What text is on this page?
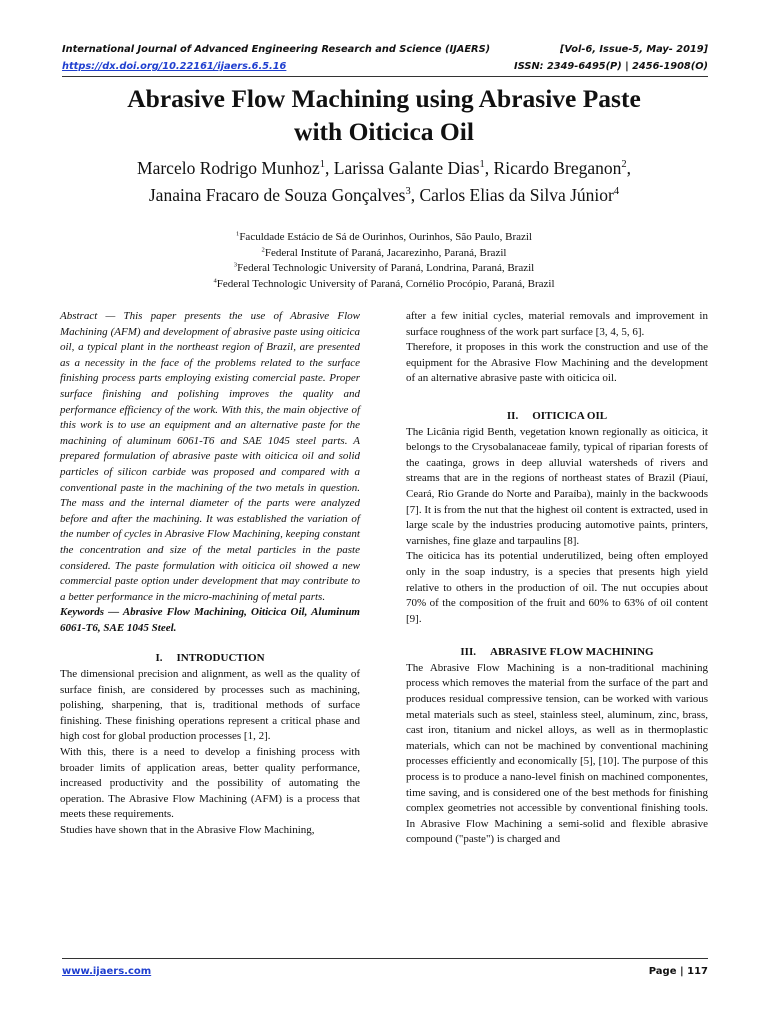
International Journal of Advanced Engineering Research and Science (IJAERS)	[Vol-6, Issue-5, May- 2019]
https://dx.doi.org/10.22161/ijaers.6.5.16	ISSN: 2349-6495(P) | 2456-1908(O)
Abrasive Flow Machining using Abrasive Paste
with Oiticica Oil
Marcelo Rodrigo Munhoz$^1$, Larissa Galante Dias$^1$, Ricardo Breganon$^2$,
Janaina Fracaro de Souza Gonçalves$^3$, Carlos Elias da Silva Júnior$^4$
$^1$Faculdade Estácio de Sá de Ourinhos, Ourinhos, São Paulo, Brazil
$^2$Federal Institute of Paraná, Jacarezinho, Paraná, Brazil
$^3$Federal Technologic University of Paraná, Londrina, Paraná, Brazil
$^4$Federal Technologic University of Paraná, Cornélio Procópio, Paraná, Brazil

Abstract — This paper presents the use of Abrasive Flow Machining (AFM) and development of abrasive paste using oiticica oil, a typical plant in the northeast region of Brazil, are presented as a necessity in the face of the problems related to the surface finishing process parts employing existing comercial paste. Proper surface finishing and polishing improves the quality and performance efficiency of the work. With this, the main objective of this work is to use an equipment and an alternative paste for the machining of aluminum 6061-T6 and SAE 1045 steel parts. A prepared formulation of abrasive paste with oiticica oil and solid particles of silicon carbide was proposed and compared with a conventional paste in the machining of the two metals in question. The mass and the internal diameter of the parts were analyzed before and after the machining. It was established the variation of the number of cycles in Abrasive Flow Machining, keeping constant the concentration and size of the metal particles in the paste considered. The paste formulation with oiticica oil showed a new commercial paste option under development that may contribute to a better performance in the micro-machining of metal parts.

Keywords — Abrasive Flow Machining, Oiticica Oil, Aluminum 6061-T6, SAE 1045 Steel.

I. INTRODUCTION

The dimensional precision and alignment, as well as the quality of surface finish, are considered by processes such as machining, polishing, sharpening, that is, traditional methods of surface finishing. These finishing operations represent a critical phase and high cost for global production processes [1, 2].

With this, there is a need to develop a finishing process with broader limits of application areas, better quality performance, increased productivity and the possibility of automating the operation. The Abrasive Flow Machining (AFM) is a process that meets these requirements.

Studies have shown that in the Abrasive Flow Machining,

after a few initial cycles, material removals and improvement in surface roughness of the work part surface [3, 4, 5, 6].

Therefore, it proposes in this work the construction and use of the equipment for the Abrasive Flow Machining and the development of an alternative abrasive paste with oiticica oil.

II. OITICICA OIL

The Licânia rigid Benth, vegetation known regionally as oiticica, it belongs to the Crysobalanaceae family, typical of riparian forests of the caatinga, grows in deep alluvial watersheds of rivers and streams that are in the regions of northeast states of Brazil (Piauí, Ceará, Rio Grande do Norte and Paraíba), mainly in the backwoods [7]. It is from the nut that the highest oil content is extracted, used in large scale by the industries producing automotive paints, printers, varnishes, fine glaze and tarpaulins [8].

The oiticica has its potential underutilized, being often employed only in the soap industry, is a species that presents high yield relative to others in the production of oil. The nut occupies about 70% of the composition of the fruit and 60% to 63% of oil content [9].

III. ABRASIVE FLOW MACHINING

The Abrasive Flow Machining is a non-traditional machining process which removes the material from the surface of the part and produces residual compressive tension, can be worked with various metal materials such as steel, stainless steel, aluminum, zinc, brass, cast iron, titanium and nickel alloys, as well as in thermoplastic materials, which can not be machined by conventional machining processes efficiently and economically [5], [10]. The purpose of this process is to produce a nano-level finish on machined componentes, time saving, and is considered one of the best methods for finishing complex geometries not accessible by conventional finishing tools. In Abrasive Flow Machining a semi-solid and flexible abrasive compound ("paste") is charged and

www.ijaers.com	Page | 117
